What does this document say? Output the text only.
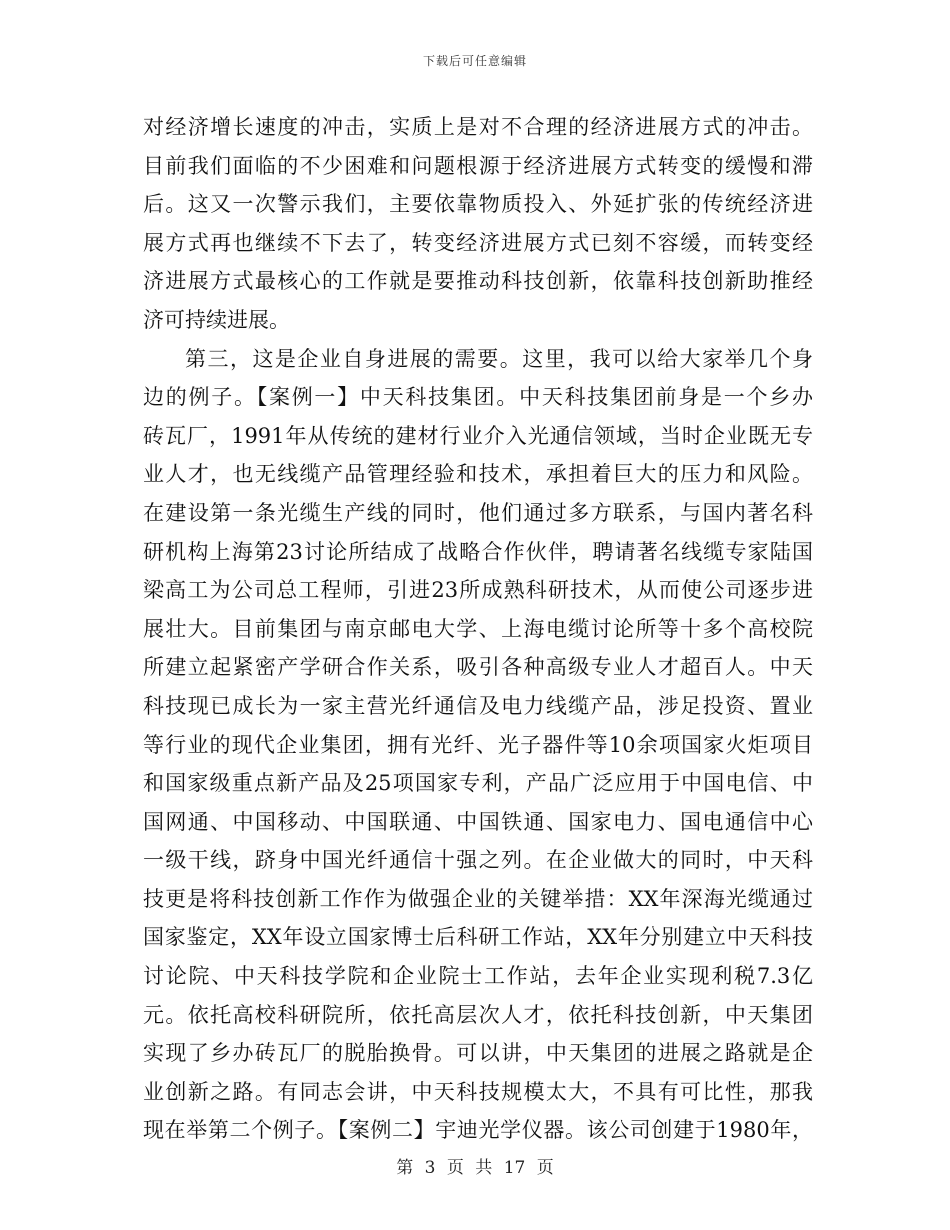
下载后可任意编辑
对经济增长速度的冲击，实质上是对不合理的经济进展方式的冲击。
目前我们面临的不少困难和问题根源于经济进展方式转变的缓慢和滞
后。这又一次警示我们，主要依靠物质投入、外延扩张的传统经济进
展方式再也继续不下去了，转变经济进展方式已刻不容缓，而转变经
济进展方式最核心的工作就是要推动科技创新，依靠科技创新助推经
济可持续进展。
第三，这是企业自身进展的需要。这里，我可以给大家举几个身
边的例子。【案例一】中天科技集团。中天科技集团前身是一个乡办
砖瓦厂，1991年从传统的建材行业介入光通信领域，当时企业既无专
业人才，也无线缆产品管理经验和技术，承担着巨大的压力和风险。
在建设第一条光缆生产线的同时，他们通过多方联系，与国内著名科
研机构上海第23讨论所结成了战略合作伙伴，聘请著名线缆专家陆国
梁高工为公司总工程师，引进23所成熟科研技术，从而使公司逐步进
展壮大。目前集团与南京邮电大学、上海电缆讨论所等十多个高校院
所建立起紧密产学研合作关系，吸引各种高级专业人才超百人。中天
科技现已成长为一家主营光纤通信及电力线缆产品，涉足投资、置业
等行业的现代企业集团，拥有光纤、光子器件等10余项国家火炬项目
和国家级重点新产品及25项国家专利，产品广泛应用于中国电信、中
国网通、中国移动、中国联通、中国铁通、国家电力、国电通信中心
一级干线，跻身中国光纤通信十强之列。在企业做大的同时，中天科
技更是将科技创新工作作为做强企业的关键举措：XX年深海光缆通过
国家鉴定，XX年设立国家博士后科研工作站，XX年分别建立中天科技
讨论院、中天科技学院和企业院士工作站，去年企业实现利税7.3亿
元。依托高校科研院所，依托高层次人才，依托科技创新，中天集团
实现了乡办砖瓦厂的脱胎换骨。可以讲，中天集团的进展之路就是企
业创新之路。有同志会讲，中天科技规模太大，不具有可比性，那我
现在举第二个例子。【案例二】宇迪光学仪器。该公司创建于1980年，
第 3 页 共 17 页
